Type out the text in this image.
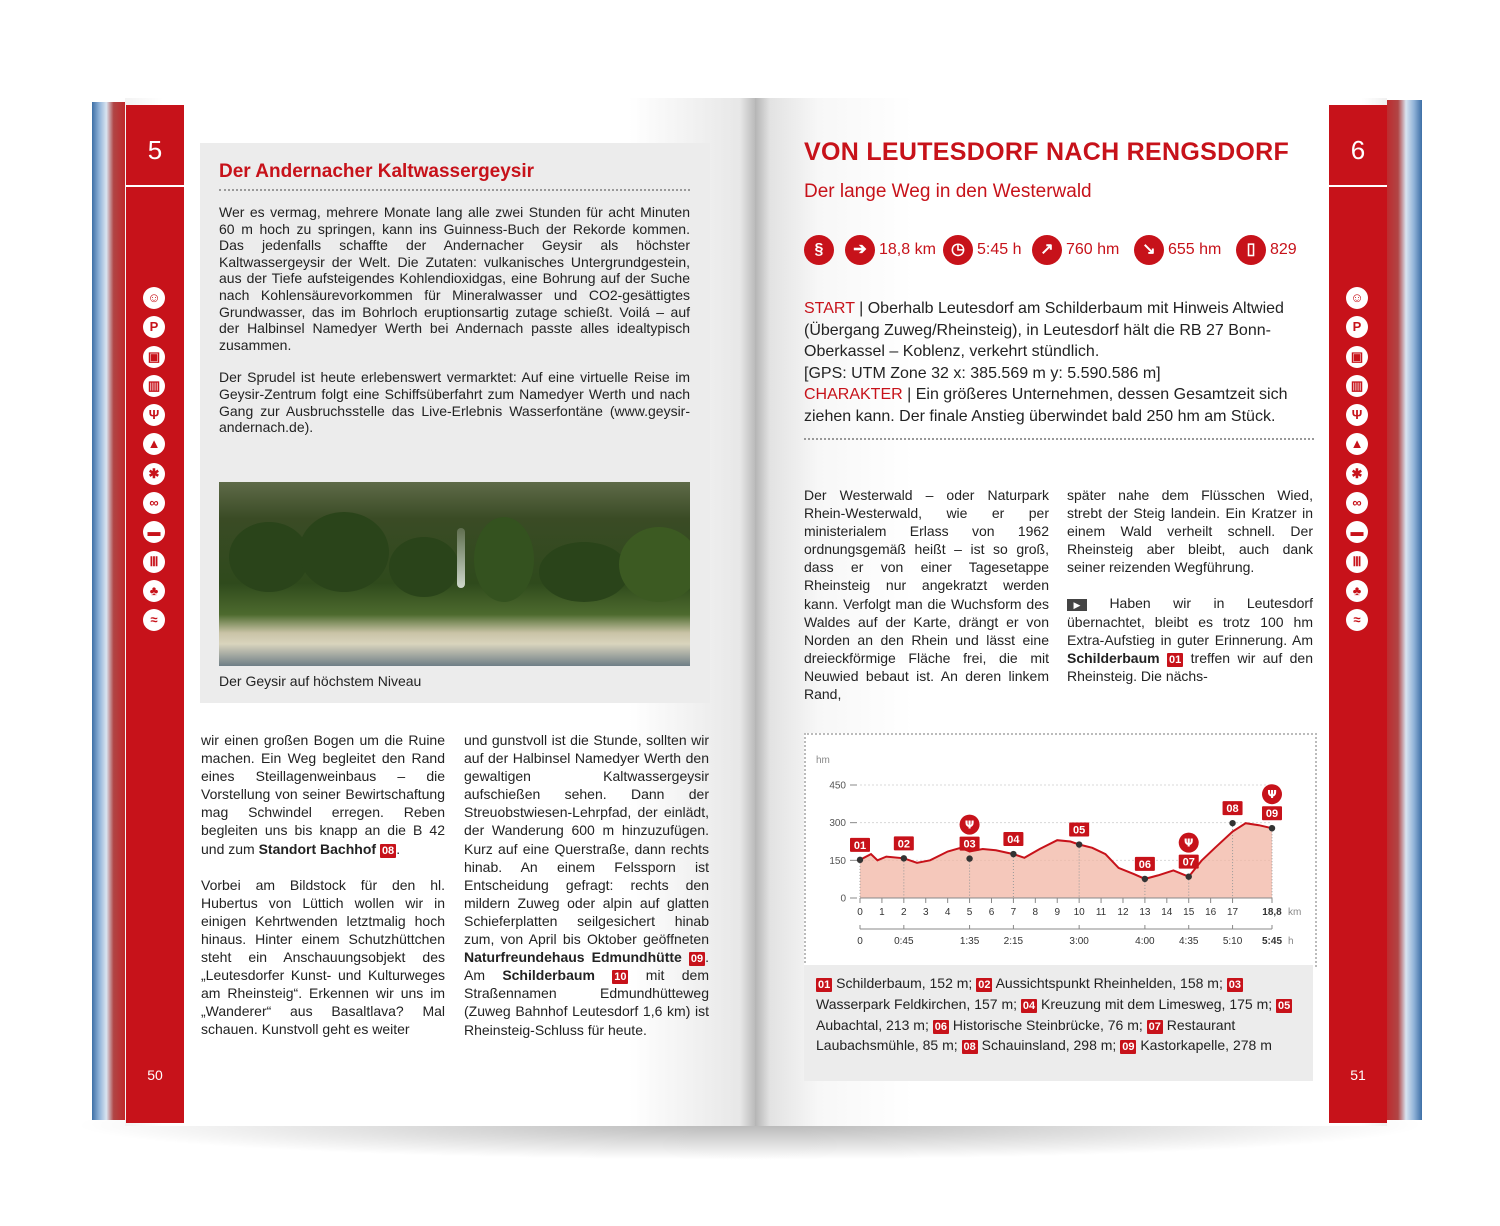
5
☺
P
▣
▥
Ψ
▲
✱
∞
▬
Ⅲ
♣
≈
50
6
☺
P
▣
▥
Ψ
▲
✱
∞
▬
Ⅲ
♣
≈
51
Der Andernacher Kaltwassergeysir

Wer es vermag, mehrere Monate lang alle zwei Stunden für acht Minuten 60 m hoch zu springen, kann ins Guinness-Buch der Rekorde kommen. Das jedenfalls schaffte der Andernacher Geysir als höchster Kaltwassergeysir der Welt. Die Zutaten: vulkanisches Untergrundgestein, aus der Tiefe aufsteigendes Kohlendioxidgas, eine Bohrung auf der Suche nach Kohlensäurevorkommen für Mineralwasser und CO2-gesättigtes Grundwasser, das im Bohrloch eruptionsartig zutage schießt. Voilá – auf der Halbinsel Namedyer Werth bei Andernach passte alles idealtypisch zusammen.

Der Sprudel ist heute erlebenswert vermarktet: Auf eine virtuelle Reise im Geysir-Zentrum folgt eine Schiffsüberfahrt zum Namedyer Werth und nach Gang zur Ausbruchsstelle das Live-Erlebnis Wasserfontäne (www.geysir-andernach.de).

Der Geysir auf höchstem Niveau

wir einen großen Bogen um die Ruine machen. Ein Weg begleitet den Rand eines Steillagenweinbaus – die Vorstellung von seiner Bewirtschaftung mag Schwindel erregen. Reben begleiten uns bis knapp an die B 42 und zum Standort Bachhof 08 .

Vorbei am Bildstock für den hl. Hubertus von Lüttich wollen wir in einigen Kehrtwenden letztmalig hoch hinaus. Hinter einem Schutzhüttchen steht ein Anschauungsobjekt des „Leutesdorfer Kunst- und Kulturweges am Rheinsteig“. Erkennen wir uns im „Wanderer“ aus Basaltlava? Mal schauen. Kunstvoll geht es weiter

und gunstvoll ist die Stunde, sollten wir auf der Halbinsel Namedyer Werth den gewaltigen Kaltwassergeysir aufschießen sehen. Dann der Streuobstwiesen-Lehrpfad, der einlädt, der Wanderung 600 m hinzuzufügen. Kurz auf eine Querstraße, dann rechts hinab. An einem Felssporn ist Entscheidung gefragt: rechts den mildern Zuweg oder alpin auf glatten Schieferplatten seilgesichert hinab zum, von April bis Oktober geöffneten Naturfreundehaus Edmundhütte 09 . Am Schilderbaum 10 mit dem Straßennamen Edmundhütteweg (Zuweg Bahnhof Leutesdorf 1,6 km) ist Rheinsteig-Schluss für heute.

VON LEUTESDORF NACH RENGSDORF
Der lange Weg in den Westerwald
§	➔ 18,8 km ◷ 5:45 h	↗ 760 hm	↘ 655 hm	▯ 829
START | Oberhalb Leutesdorf am Schilderbaum mit Hinweis Altwied (Übergang Zuweg/Rheinsteig), in Leutesdorf hält die RB 27 Bonn-Oberkassel – Koblenz, verkehrt stündlich.
[GPS: UTM Zone 32 x: 385.569 m y: 5.590.586 m]
CHARAKTER | Ein größeres Unternehmen, dessen Gesamtzeit sich ziehen kann. Der finale Anstieg überwindet bald 250 hm am Stück.

Der Westerwald – oder Naturpark Rhein-Westerwald, wie er per ministerialem Erlass von 1962 ordnungsgemäß heißt – ist so groß, dass er von einer Tagesetappe Rheinsteig nur angekratzt werden kann. Verfolgt man die Wuchsform des Waldes auf der Karte, drängt er von Norden an den Rhein und lässt eine dreieckförmige Fläche frei, die mit Neuwied bebaut ist. An deren linkem Rand,

später nahe dem Flüsschen Wied, strebt der Steig landein. Ein Kratzer in einem Wald verheilt schnell. Der Rheinsteig aber bleibt, auch dank seiner reizenden Wegführung.

▶ Haben wir in Leutesdorf übernachtet, bleibt es trotz 100 hm Extra-Aufstieg in guter Erinnerung. Am Schilderbaum 01 treffen wir auf den Rheinsteig. Die nächs-

hm
0
150
300
450
0 1 2 3 4 5 6 7 8 9 10 11 12 13 14 15 16 17 18,8 km
0	0:45	1:35 2:15	3:00	4:00 4:35 5:10 5:45 h
01	02	03
Ψ
04
05
06	07
Ψ
08 09
Ψ
01 Schilderbaum, 152 m; 02 Aussichtspunkt Rheinhelden, 158 m; 03 Wasserpark Feldkirchen, 157 m; 04 Kreuzung mit dem Limesweg, 175 m; 05 Aubachtal, 213 m; 06 Historische Steinbrücke, 76 m; 07 Restaurant Laubachsmühle, 85 m; 08 Schauinsland, 298 m; 09 Kastorkapelle, 278 m
